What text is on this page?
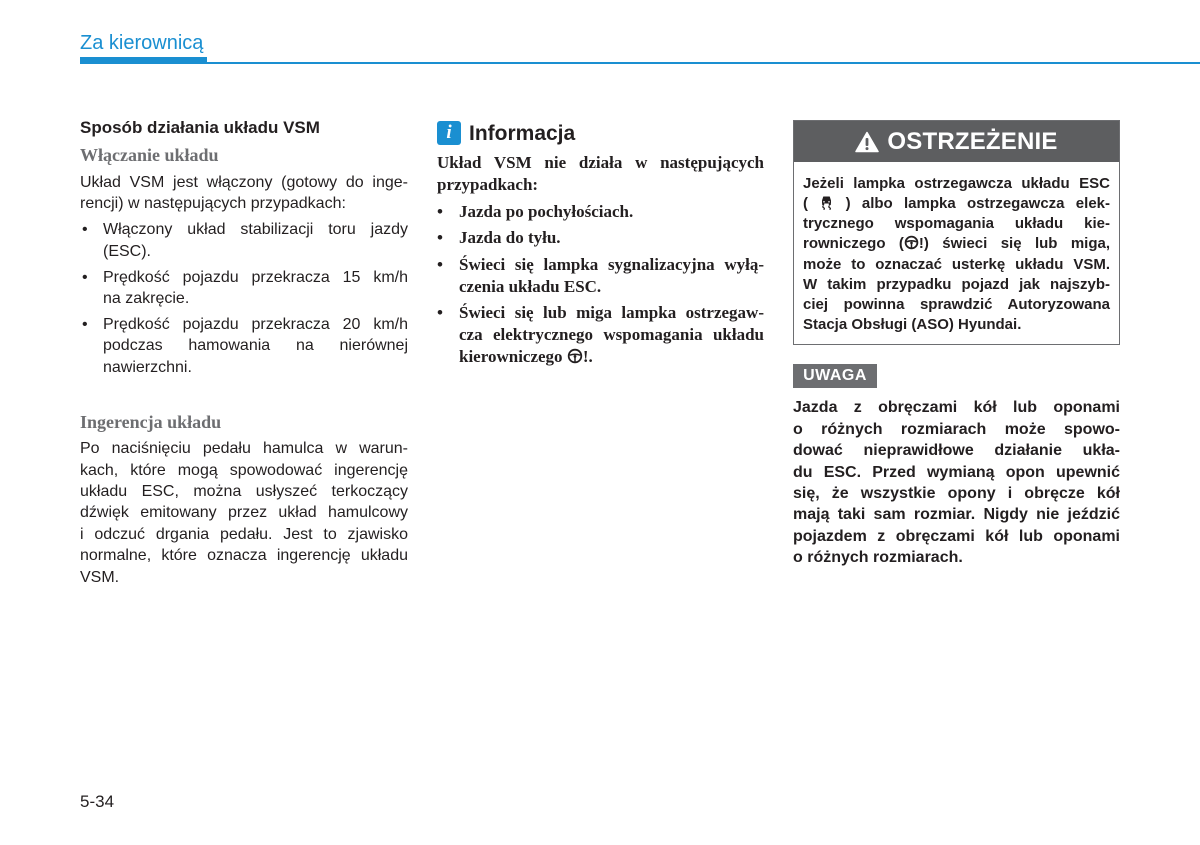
Za kierownicą
Sposób działania układu VSM
Włączanie układu
Układ VSM jest włączony (gotowy do inge-
rencji) w następujących przypadkach:
• Włączony układ stabilizacji toru jazdy
(ESC).
• Prędkość pojazdu przekracza 15 km/h
na zakręcie.
• Prędkość pojazdu przekracza 20 km/h
podczas hamowania na nierównej
nawierzchni.
Ingerencja układu
Po naciśnięciu pedału hamulca w warun-
kach, które mogą spowodować ingerencję
układu ESC, można usłyszeć terkoczący
dźwięk emitowany przez układ hamulcowy
i odczuć drgania pedału. Jest to zjawisko
normalne, które oznacza ingerencję układu
VSM.
i Informacja
Układ VSM nie działa w następujących
przypadkach:
• Jazda po pochyłościach.
• Jazda do tyłu.
• Świeci się lampka sygnalizacyjna wyłą-
czenia układu ESC.
• Świeci się lub miga lampka ostrzegaw-
cza elektrycznego wspomagania układu
kierowniczego !.
OSTRZEŻENIE
Jeżeli lampka ostrzegawcza układu ESC
(  ) albo lampka ostrzegawcza elek-
trycznego wspomagania układu kie-
rowniczego ( !) świeci się lub miga,
może to oznaczać usterkę układu VSM.
W takim przypadku pojazd jak najszyb-
ciej powinna sprawdzić Autoryzowana
Stacja Obsługi (ASO) Hyundai.
UWAGA
Jazda z obręczami kół lub oponami
o różnych rozmiarach może spowo-
dować nieprawidłowe działanie ukła-
du ESC. Przed wymianą opon upewnić
się, że wszystkie opony i obręcze kół
mają taki sam rozmiar. Nigdy nie jeździć
pojazdem z obręczami kół lub oponami
o różnych rozmiarach.
5-34
